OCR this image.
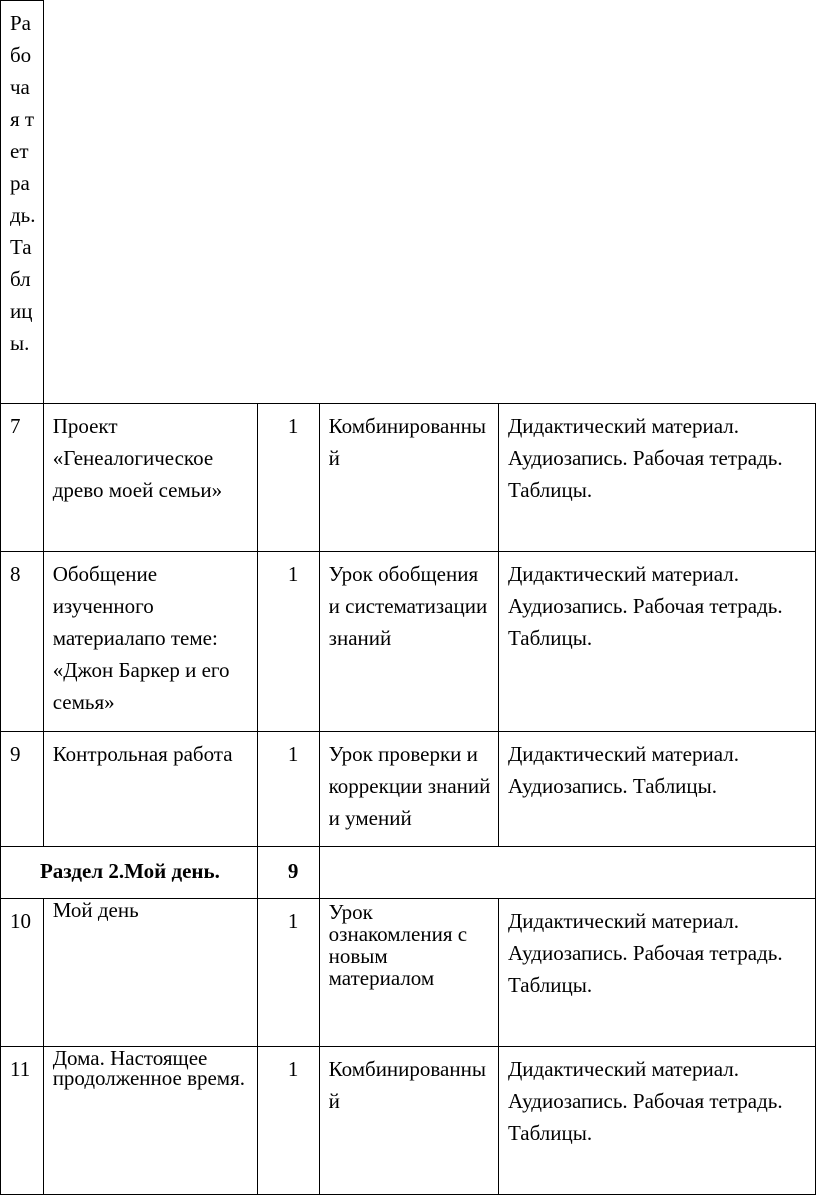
Рабочая тетрадь. Таблицы.				
7	Проект «Генеалогическое древо моей семьи»	1	Комбинированный	Дидактический материал. Аудиозапись. Рабочая тетрадь. Таблицы.

8	Обобщение изученного материалапо теме: «Джон Баркер и его семья»	1	Урок обобщения и систематизации знаний	Дидактический материал. Аудиозапись. Рабочая тетрадь. Таблицы.

9	Контрольная работа	1	Урок проверки и коррекции знаний и умений	Дидактический материал. Аудиозапись. Таблицы.

Раздел 2.Мой день.		9		
10	Мой день	1	Урок ознакомления с новым материалом	Дидактический материал. Аудиозапись. Рабочая тетрадь. Таблицы.

11	Дома. Настоящее продолженное время.	1	Комбинированный	Дидактический материал. Аудиозапись. Рабочая тетрадь. Таблицы.
